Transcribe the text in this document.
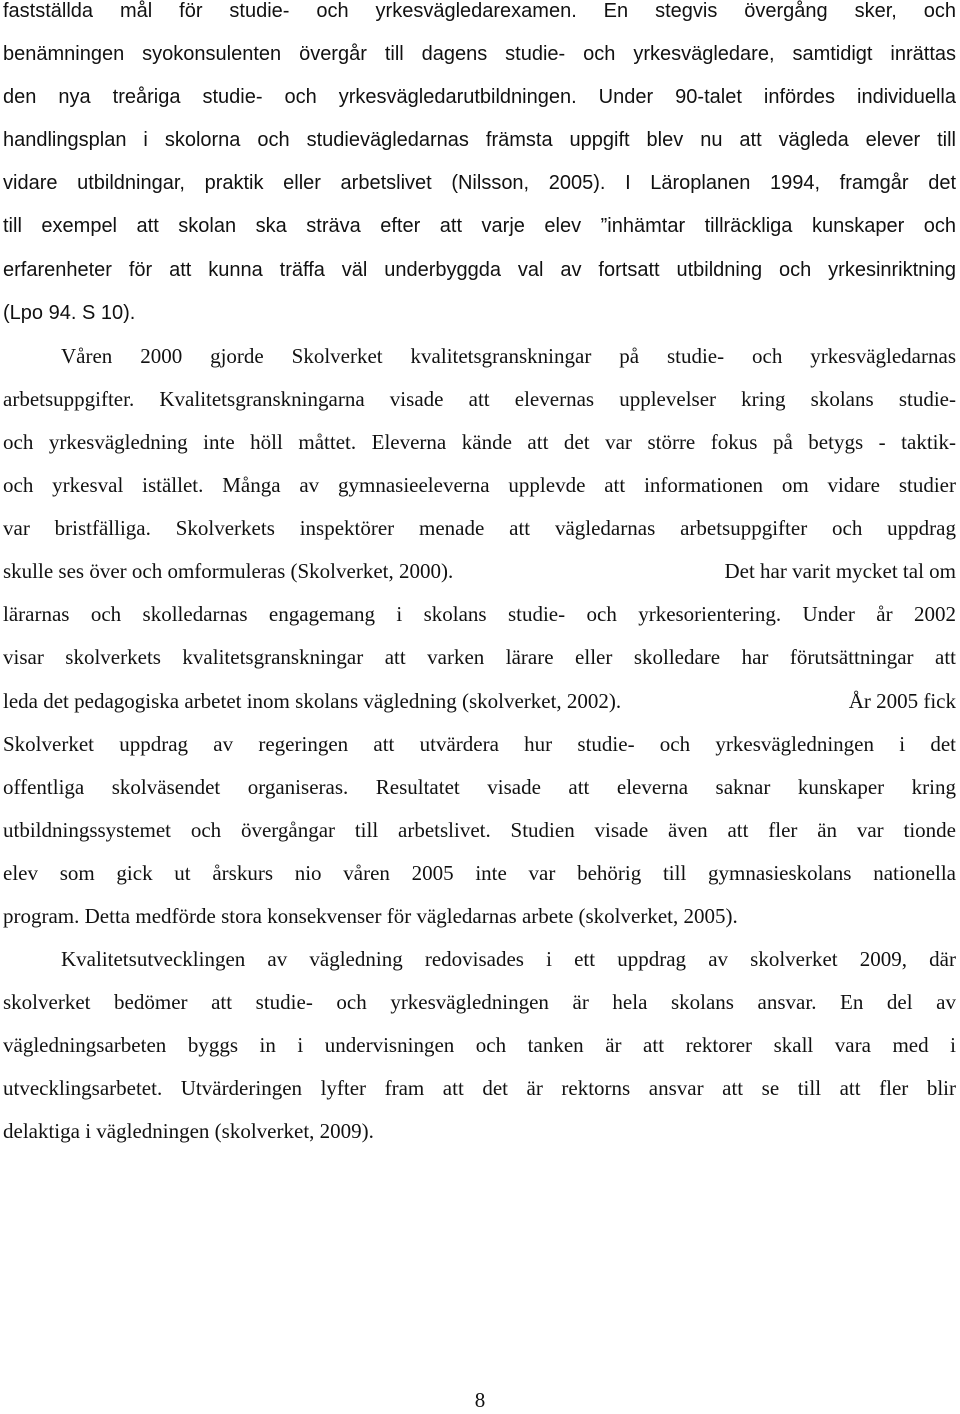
fastställda mål för studie- och yrkesvägledarexamen. En stegvis övergång sker, och
benämningen syokonsulenten övergår till dagens studie- och yrkesvägledare, samtidigt inrättas
den nya treåriga studie- och yrkesvägledarutbildningen. Under 90-talet infördes individuella
handlingsplan i skolorna och studievägledarnas främsta uppgift blev nu att vägleda elever till
vidare utbildningar, praktik eller arbetslivet (Nilsson, 2005). I Läroplanen 1994, framgår det
till exempel att skolan ska sträva efter att varje elev ”inhämtar tillräckliga kunskaper och
erfarenheter för att kunna träffa väl underbyggda val av fortsatt utbildning och yrkesinriktning
(Lpo 94. S 10).
Våren 2000 gjorde Skolverket kvalitetsgranskningar på studie- och yrkesvägledarnas
arbetsuppgifter. Kvalitetsgranskningarna visade att elevernas upplevelser kring skolans studie-
och yrkesvägledning inte höll måttet. Eleverna kände att det var större fokus på betygs - taktik-
och yrkesval istället. Många av gymnasieeleverna upplevde att informationen om vidare studier
var bristfälliga. Skolverkets inspektörer menade att vägledarnas arbetsuppgifter och uppdrag
skulle ses över och omformuleras (Skolverket, 2000).	Det har varit mycket tal om
lärarnas och skolledarnas engagemang i skolans studie- och yrkesorientering. Under år 2002
visar skolverkets kvalitetsgranskningar att varken lärare eller skolledare har förutsättningar att
leda det pedagogiska arbetet inom skolans vägledning (skolverket, 2002).	År 2005 fick
Skolverket uppdrag av regeringen att utvärdera hur studie- och yrkesvägledningen i det
offentliga skolväsendet organiseras. Resultatet visade att eleverna saknar kunskaper kring
utbildningssystemet och övergångar till arbetslivet. Studien visade även att fler än var tionde
elev som gick ut årskurs nio våren 2005 inte var behörig till gymnasieskolans nationella
program. Detta medförde stora konsekvenser för vägledarnas arbete (skolverket, 2005).
Kvalitetsutvecklingen av vägledning redovisades i ett uppdrag av skolverket 2009, där
skolverket bedömer att studie- och yrkesvägledningen är hela skolans ansvar. En del av
vägledningsarbeten byggs in i undervisningen och tanken är att rektorer skall vara med i
utvecklingsarbetet. Utvärderingen lyfter fram att det är rektorns ansvar att se till att fler blir
delaktiga i vägledningen (skolverket, 2009).
8
